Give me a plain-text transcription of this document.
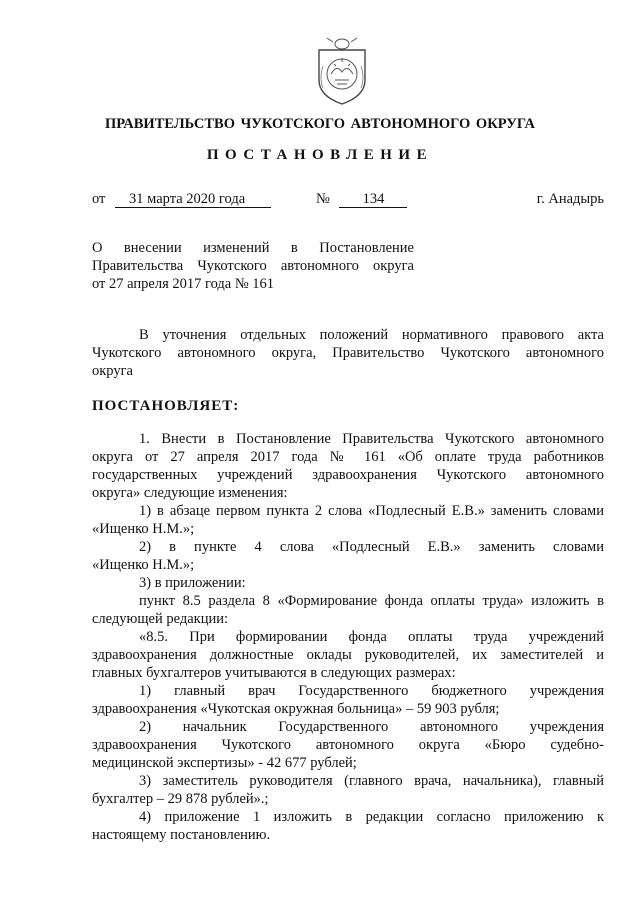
ПРАВИТЕЛЬСТВО ЧУКОТСКОГО АВТОНОМНОГО ОКРУГА
ПОСТАНОВЛЕНИЕ
от 31 марта 2020 года	№ 134	г. Анадырь
О внесении изменений в Постановление
Правительства Чукотского автономного округа
от 27 апреля 2017 года № 161
В уточнения отдельных положений нормативного правового акта
Чукотского автономного округа, Правительство Чукотского автономного
округа
ПОСТАНОВЛЯЕТ:
1. Внести в Постановление Правительства Чукотского автономного
округа от 27 апреля 2017 года № 161 «Об оплате труда работников
государственных учреждений здравоохранения Чукотского автономного
округа» следующие изменения:
1) в абзаце первом пункта 2 слова «Подлесный Е.В.» заменить словами
«Ищенко Н.М.»;
2) в пункте 4 слова «Подлесный Е.В.» заменить словами
«Ищенко Н.М.»;
3) в приложении:
пункт 8.5 раздела 8 «Формирование фонда оплаты труда» изложить в
следующей редакции:
«8.5. При формировании фонда оплаты труда учреждений
здравоохранения должностные оклады руководителей, их заместителей и
главных бухгалтеров учитываются в следующих размерах:
1) главный врач Государственного бюджетного учреждения
здравоохранения «Чукотская окружная больница» – 59 903 рубля;
2) начальник Государственного автономного учреждения
здравоохранения Чукотского автономного округа «Бюро судебно-
медицинской экспертизы» - 42 677 рублей;
3) заместитель руководителя (главного врача, начальника), главный
бухгалтер – 29 878 рублей».;
4) приложение 1 изложить в редакции согласно приложению к
настоящему постановлению.
